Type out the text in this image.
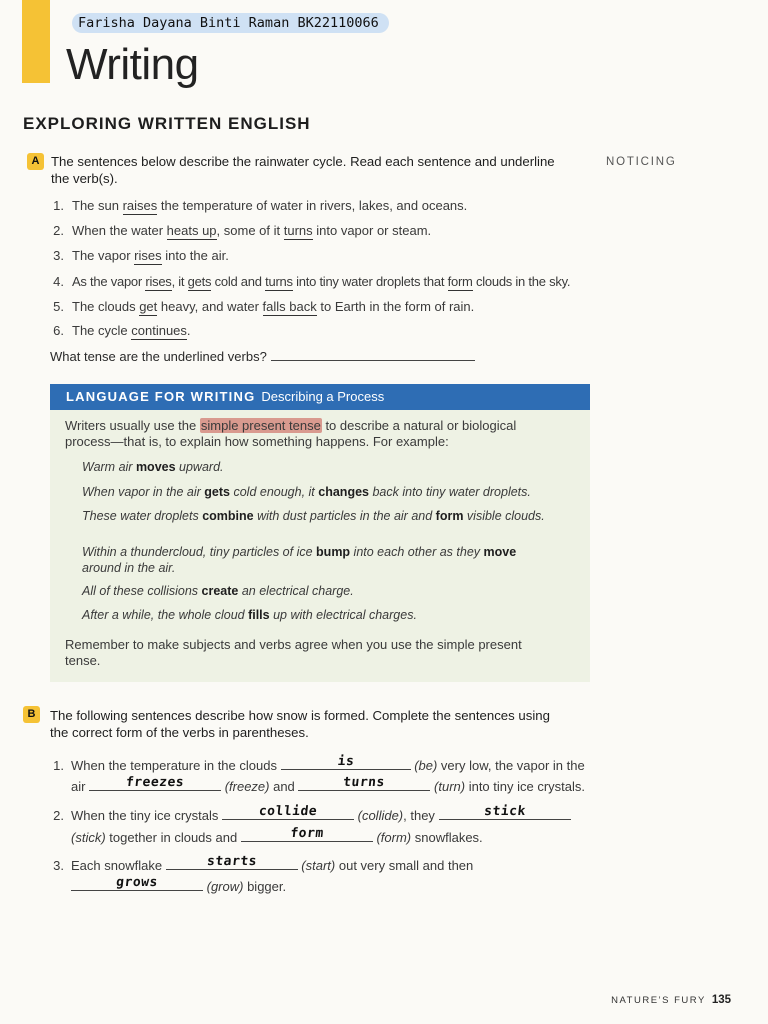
Farisha Dayana Binti Raman BK22110066
Writing
EXPLORING WRITTEN ENGLISH
A The sentences below describe the rainwater cycle. Read each sentence and underline
the verb(s).
NOTICING
1. The sun raises the temperature of water in rivers, lakes, and oceans.
2. When the water heats up, some of it turns into vapor or steam.
3. The vapor rises into the air.
4. As the vapor rises, it gets cold and turns into tiny water droplets that form clouds in the sky.
5. The clouds get heavy, and water falls back to Earth in the form of rain.
6. The cycle continues.
What tense are the underlined verbs?
LANGUAGE FOR WRITING Describing a Process
Writers usually use the simple present tense to describe a natural or biological
process—that is, to explain how something happens. For example:
Warm air moves upward.
When vapor in the air gets cold enough, it changes back into tiny water droplets.
These water droplets combine with dust particles in the air and form visible clouds.
Within a thundercloud, tiny particles of ice bump into each other as they move
around in the air.
All of these collisions create an electrical charge.
After a while, the whole cloud fills up with electrical charges.
Remember to make subjects and verbs agree when you use the simple present
tense.
B	The following sentences describe how snow is formed. Complete the sentences using
the correct form of the verbs in parentheses.
1. When the temperature in the clouds	is	(be) very low, the vapor in the
air	freezes	(freeze) and	turns	(turn) into tiny ice crystals.
2. When the tiny ice crystals	collide	(collide), they	stick
(stick) together in clouds and	form	(form) snowflakes.
3. Each snowflake	starts	(start) out very small and then
grows	(grow) bigger.
NATURE’S FURY 135
